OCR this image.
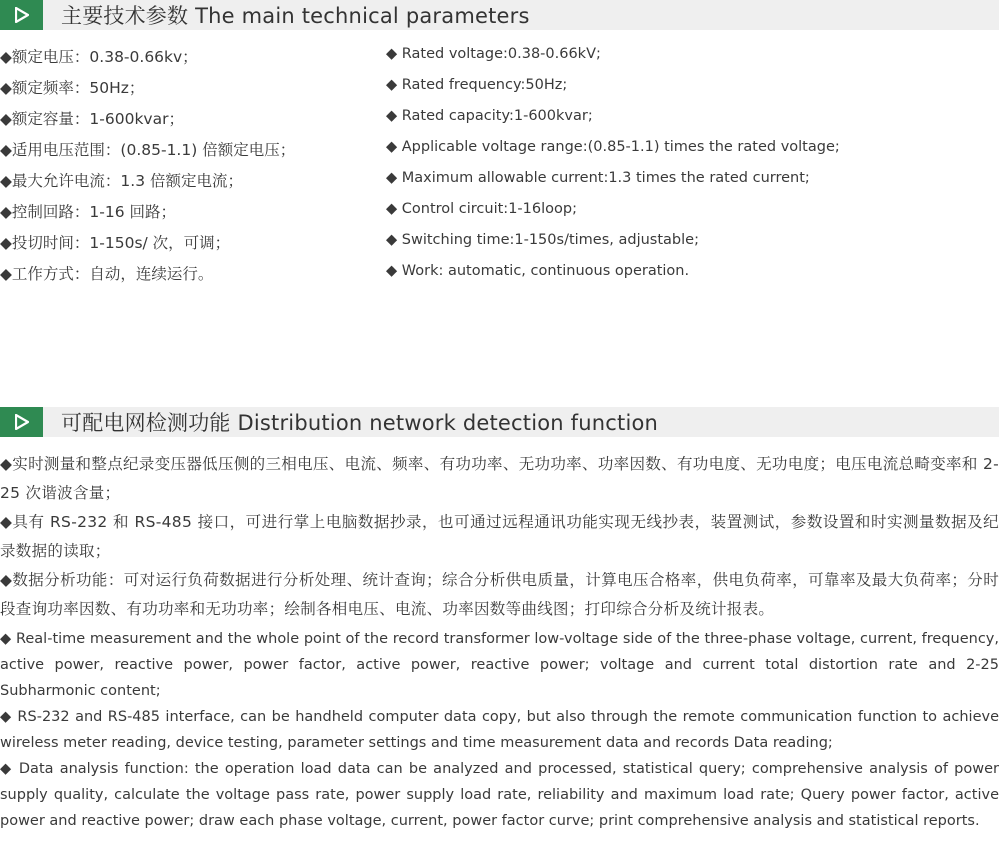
主要技术参数 The main technical parameters
◆额定电压：0.38-0.66kv；	◆ Rated voltage:0.38-0.66kV;
◆额定频率：50Hz；	◆ Rated frequency:50Hz;
◆额定容量：1-600kvar；	◆ Rated capacity:1-600kvar;
◆适用电压范围：(0.85-1.1) 倍额定电压；	◆ Applicable voltage range:(0.85-1.1) times the rated voltage;
◆最大允许电流：1.3 倍额定电流；	◆ Maximum allowable current:1.3 times the rated current;
◆控制回路：1-16 回路；	◆ Control circuit:1-16loop;
◆投切时间：1-150s/ 次，可调；	◆ Switching time:1-150s/times, adjustable;
◆工作方式：自动，连续运行。	◆ Work: automatic, continuous operation.
可配电网检测功能 Distribution network detection function

◆实时测量和整点纪录变压器低压侧的三相电压、电流、频率、有功功率、无功功率、功率因数、有功电度、无功电度；电压电流总畸变率和 2-25 次谐波含量；

◆具有 RS-232 和 RS-485 接口，可进行掌上电脑数据抄录，也可通过远程通讯功能实现无线抄表，装置测试，参数设置和时实测量数据及纪录数据的读取；

◆数据分析功能：可对运行负荷数据进行分析处理、统计查询；综合分析供电质量，计算电压合格率，供电负荷率，可靠率及最大负荷率；分时段查询功率因数、有功功率和无功功率；绘制各相电压、电流、功率因数等曲线图；打印综合分析及统计报表。

◆ Real-time measurement and the whole point of the record transformer low-voltage side of the three-phase voltage, current, frequency, active power, reactive power, power factor, active power, reactive power; voltage and current total distortion rate and 2-25 Subharmonic content;

◆ RS-232 and RS-485 interface, can be handheld computer data copy, but also through the remote communication function to achieve wireless meter reading, device testing, parameter settings and time measurement data and records Data reading;

◆ Data analysis function: the operation load data can be analyzed and processed, statistical query; comprehensive analysis of power supply quality, calculate the voltage pass rate, power supply load rate, reliability and maximum load rate; Query power factor, active power and reactive power; draw each phase voltage, current, power factor curve; print comprehensive analysis and statistical reports.
